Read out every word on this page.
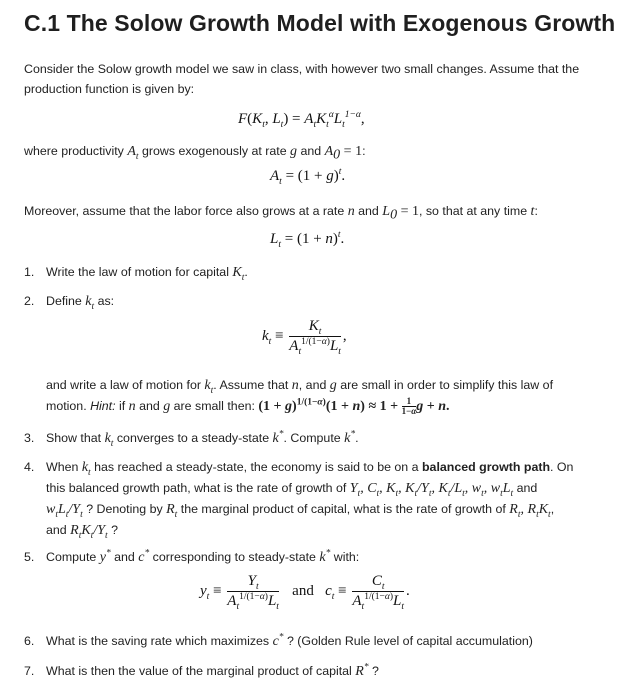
C.1 The Solow Growth Model with Exogenous Growth
Consider the Solow growth model we saw in class, with however two small changes. Assume that the
production function is given by:
$F(K_t$, $L_t) = A_tK_t^\alpha L_t^{1-\alpha}$,
where productivity $A_t$ grows exogenously at rate g and $A_0 = 1$:
$A_t = (1 + g)^t$.
Moreover, assume that the labor force also grows at a rate n and $L_0 = 1$, so that at any time t:
$L_t = (1 + n)^t$.
1. Write the law of motion for capital $K_t$.
2. Define $k_t$ as:
$k_t \equiv \frac{K_t}{A_t^{1/(1-\alpha)}L_t}$ ,
and write a law of motion for $k_t$. Assume that n, and g are small in order to simplify this law of
motion. Hint: if n and g are small then: $(1 + g)^{1/(1-\alpha)}(1 + n) \approx 1 + \frac{1}{1-\alpha}g + n$.
3. Show that $k_t$ converges to a steady-state k*. Compute k*.
4. When $k_t$ has reached a steady-state, the economy is said to be on a balanced growth path. On
this balanced growth path, what is the rate of growth of $Y_t$, $C_t$, $K_t$, $K_t/Y_t$, $K_t/L_t$, $w_t$, $w_tL_t$ and
$w_tL_t/Y_t$ ? Denoting by $R_t$ the marginal product of capital, what is the rate of growth of $R_t$, $R_tK_t$,
and $R_tK_t/Y_t$ ?
5. Compute y* and c* corresponding to steady-state k* with:
$y_t \equiv \frac{Y_t}{A_t^{1/(1-\alpha)}L_t}$ and $c_t \equiv \frac{C_t}{A_t^{1/(1-\alpha)}L_t}$ .
6. What is the saving rate which maximizes c* ? (Golden Rule level of capital accumulation)
7. What is then the value of the marginal product of capital R* ?
